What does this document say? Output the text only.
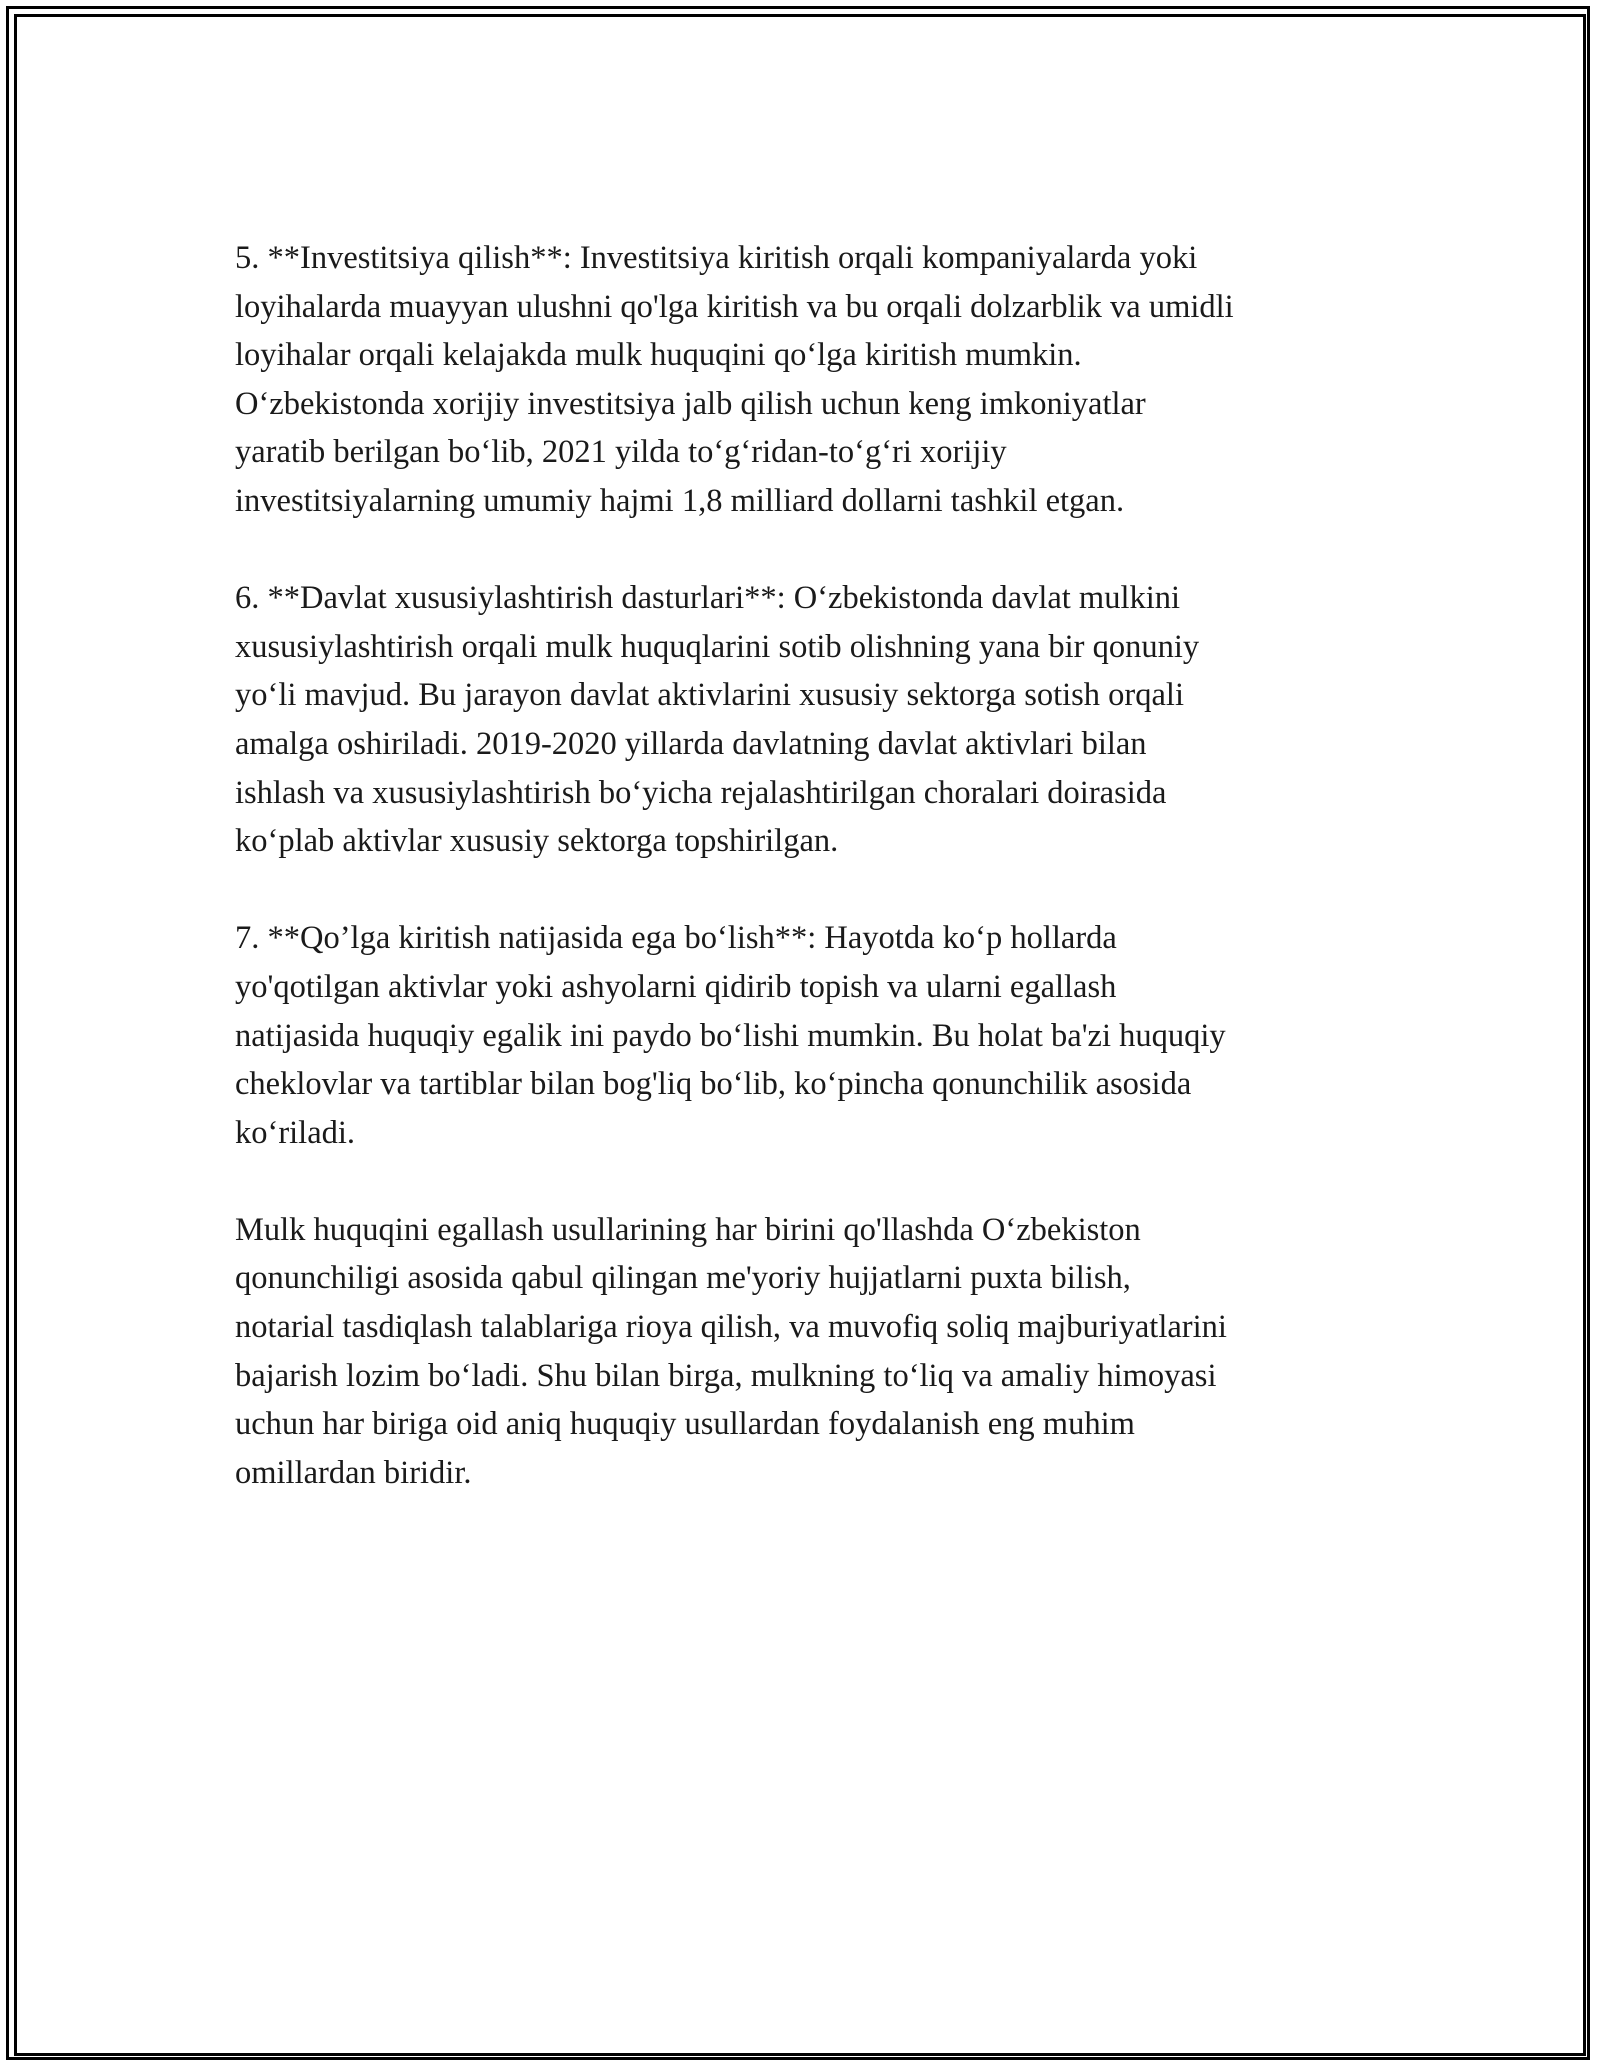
5. **Investitsiya qilish**: Investitsiya kiritish orqali kompaniyalarda yoki
loyihalarda muayyan ulushni qo'lga kiritish va bu orqali dolzarblik va umidli
loyihalar orqali kelajakda mulk huquqini qo‘lga kiritish mumkin.
O‘zbekistonda xorijiy investitsiya jalb qilish uchun keng imkoniyatlar
yaratib berilgan bo‘lib, 2021 yilda to‘g‘ridan-to‘g‘ri xorijiy
investitsiyalarning umumiy hajmi 1,8 milliard dollarni tashkil etgan.

6. **Davlat xususiylashtirish dasturlari**: O‘zbekistonda davlat mulkini
xususiylashtirish orqali mulk huquqlarini sotib olishning yana bir qonuniy
yo‘li mavjud. Bu jarayon davlat aktivlarini xususiy sektorga sotish orqali
amalga oshiriladi. 2019-2020 yillarda davlatning davlat aktivlari bilan
ishlash va xususiylashtirish bo‘yicha rejalashtirilgan choralari doirasida
ko‘plab aktivlar xususiy sektorga topshirilgan.

7. **Qo’lga kiritish natijasida ega bo‘lish**: Hayotda ko‘p hollarda
yo'qotilgan aktivlar yoki ashyolarni qidirib topish va ularni egallash
natijasida huquqiy egalik ini paydo bo‘lishi mumkin. Bu holat ba'zi huquqiy
cheklovlar va tartiblar bilan bog'liq bo‘lib, ko‘pincha qonunchilik asosida
ko‘riladi.

Mulk huquqini egallash usullarining har birini qo'llashda O‘zbekiston
qonunchiligi asosida qabul qilingan me'yoriy hujjatlarni puxta bilish,
notarial tasdiqlash talablariga rioya qilish, va muvofiq soliq majburiyatlarini
bajarish lozim bo‘ladi. Shu bilan birga, mulkning to‘liq va amaliy himoyasi
uchun har biriga oid aniq huquqiy usullardan foydalanish eng muhim
omillardan biridir.
